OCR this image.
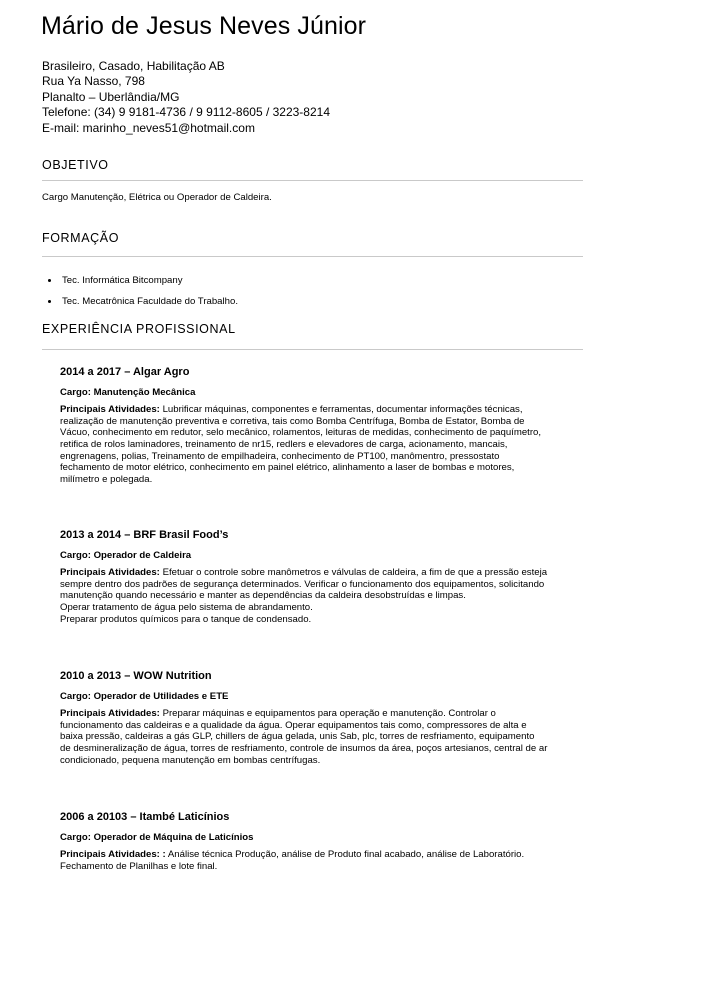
Mário de Jesus Neves Júnior
Brasileiro, Casado, Habilitação AB
Rua Ya Nasso, 798
Planalto – Uberlândia/MG
Telefone: (34) 9 9181-4736 / 9 9112-8605 / 3223-8214
E-mail: marinho_neves51@hotmail.com
OBJETIVO
Cargo Manutenção, Elétrica ou Operador de Caldeira.
FORMAÇÃO
• Tec. Informática Bitcompany
• Tec. Mecatrônica Faculdade do Trabalho.
EXPERIÊNCIA PROFISSIONAL
2014 a 2017 – Algar Agro
Cargo: Manutenção Mecânica

Principais Atividades: Lubrificar máquinas, componentes e ferramentas, documentar informações técnicas,
realização de manutenção preventiva e corretiva, tais como Bomba Centrífuga, Bomba de Estator, Bomba de
Vácuo, conhecimento em redutor, selo mecânico, rolamentos, leituras de medidas, conhecimento de paquímetro,
retifica de rolos laminadores, treinamento de nr15, redlers e elevadores de carga, acionamento, mancais,
engrenagens, polias, Treinamento de empilhadeira, conhecimento de PT100, manômentro, pressostato
fechamento de motor elétrico, conhecimento em painel elétrico, alinhamento a laser de bombas e motores,
milímetro e polegada.

2013 a 2014 – BRF Brasil Food’s
Cargo: Operador de Caldeira

Principais Atividades: Efetuar o controle sobre manômetros e válvulas de caldeira, a fim de que a pressão esteja
sempre dentro dos padrões de segurança determinados. Verificar o funcionamento dos equipamentos, solicitando
manutenção quando necessário e manter as dependências da caldeira desobstruídas e limpas.
Operar tratamento de água pelo sistema de abrandamento.
Preparar produtos químicos para o tanque de condensado.

2010 a 2013 – WOW Nutrition
Cargo: Operador de Utilidades e ETE

Principais Atividades: Preparar máquinas e equipamentos para operação e manutenção. Controlar o
funcionamento das caldeiras e a qualidade da água. Operar equipamentos tais como, compressores de alta e
baixa pressão, caldeiras a gás GLP, chillers de água gelada, unis Sab, plc, torres de resfriamento, equipamento
de desmineralização de água, torres de resfriamento, controle de insumos da área, poços artesianos, central de ar
condicionado, pequena manutenção em bombas centrífugas.

2006 a 20103 – Itambé Laticínios
Cargo: Operador de Máquina de Laticínios

Principais Atividades: : Análise técnica Produção, análise de Produto final acabado, análise de Laboratório.
Fechamento de Planilhas e lote final.
